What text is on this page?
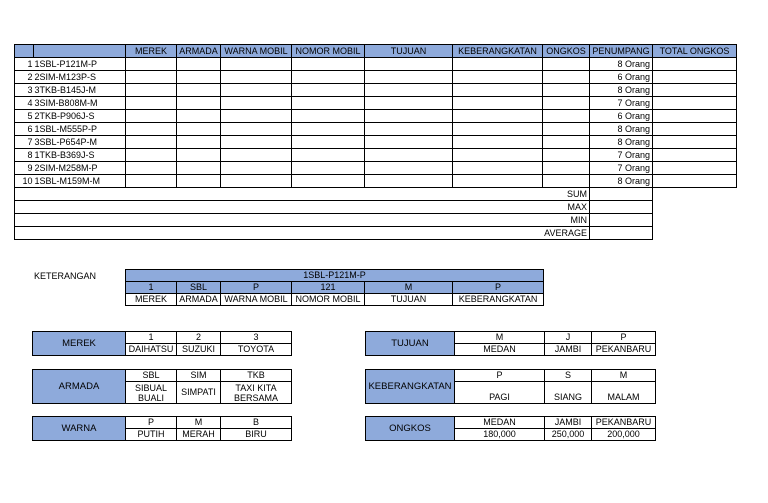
		MEREK	ARMADA	WARNA MOBIL	NOMOR MOBIL	TUJUAN	KEBERANGKATAN	ONGKOS	PENUMPANG	TOTAL ONGKOS
1	1SBL-P121M-P								8 Orang	
2	2SIM-M123P-S								6 Orang	
3	3TKB-B145J-M								8 Orang	
4	3SIM-B808M-M								7 Orang	
5	2TKB-P906J-S								6 Orang	
6	1SBL-M555P-P								8 Orang	
7	3SBL-P654P-M								8 Orang	
8	1TKB-B369J-S								7 Orang	
9	2SIM-M258M-P								7 Orang	
10	1SBL-M159M-M								8 Orang	
	SUM									
	MAX									
	MIN									
	AVERAGE									
KETERANGAN	1SBL-P121M-P					
1	SBL	P	121	M	P
MEREK	ARMADA	WARNA MOBIL	NOMOR MOBIL	TUJUAN	KEBERANGKATAN
MEREK	1	2	3
	DAIHATSU	SUZUKI	TOYOTA
ARMADA	SBL	SIM	TKB
	SIBUAL BUALI	SIMPATI	TAXI KITA BERSAMA
WARNA	P	M	B
	PUTIH	MERAH	BIRU
TUJUAN	M	J	P
	MEDAN	JAMBI	PEKANBARU
KEBERANGKATAN	P	S	M
	PAGI	SIANG	MALAM
ONGKOS	MEDAN	JAMBI	PEKANBARU
	180,000	250,000	200,000
